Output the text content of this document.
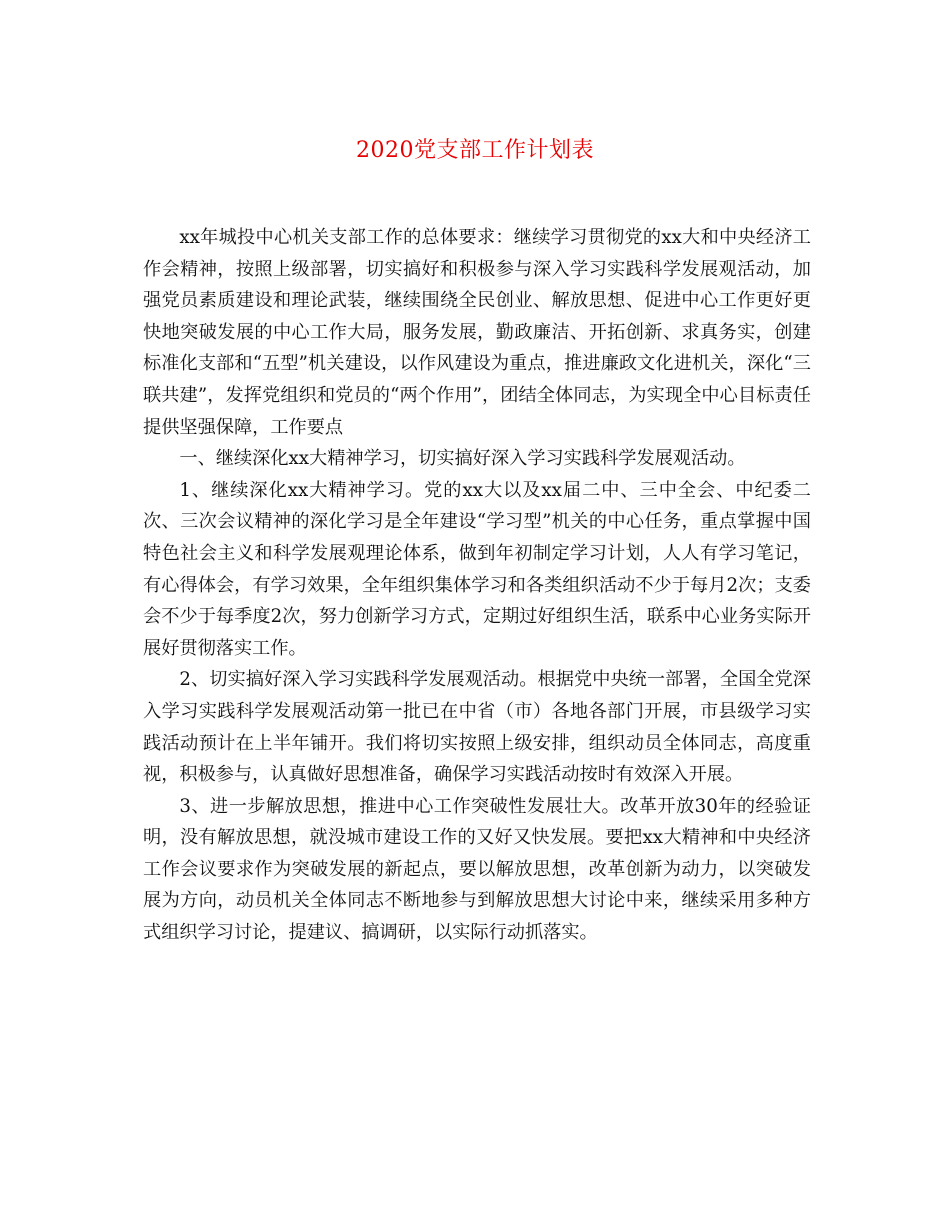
2020党支部工作计划表

xx年城投中心机关支部工作的总体要求：继续学习贯彻党的xx大和中央经济工作会精神，按照上级部署，切实搞好和积极参与深入学习实践科学发展观活动，加强党员素质建设和理论武装，继续围绕全民创业、解放思想、促进中心工作更好更快地突破发展的中心工作大局，服务发展，勤政廉洁、开拓创新、求真务实，创建标准化支部和“五型”机关建设，以作风建设为重点，推进廉政文化进机关，深化“三联共建”，发挥党组织和党员的“两个作用”，团结全体同志，为实现全中心目标责任提供坚强保障，工作要点

一、继续深化xx大精神学习，切实搞好深入学习实践科学发展观活动。

1、继续深化xx大精神学习。党的xx大以及xx届二中、三中全会、中纪委二次、三次会议精神的深化学习是全年建设“学习型”机关的中心任务，重点掌握中国特色社会主义和科学发展观理论体系，做到年初制定学习计划，人人有学习笔记，有心得体会，有学习效果，全年组织集体学习和各类组织活动不少于每月2次；支委会不少于每季度2次，努力创新学习方式，定期过好组织生活，联系中心业务实际开展好贯彻落实工作。

2、切实搞好深入学习实践科学发展观活动。根据党中央统一部署，全国全党深入学习实践科学发展观活动第一批已在中省（市）各地各部门开展，市县级学习实践活动预计在上半年铺开。我们将切实按照上级安排，组织动员全体同志，高度重视，积极参与，认真做好思想准备，确保学习实践活动按时有效深入开展。

3、进一步解放思想，推进中心工作突破性发展壮大。改革开放30年的经验证明，没有解放思想，就没城市建设工作的又好又快发展。要把xx大精神和中央经济工作会议要求作为突破发展的新起点，要以解放思想，改革创新为动力，以突破发展为方向，动员机关全体同志不断地参与到解放思想大讨论中来，继续采用多种方式组织学习讨论，提建议、搞调研，以实际行动抓落实。
